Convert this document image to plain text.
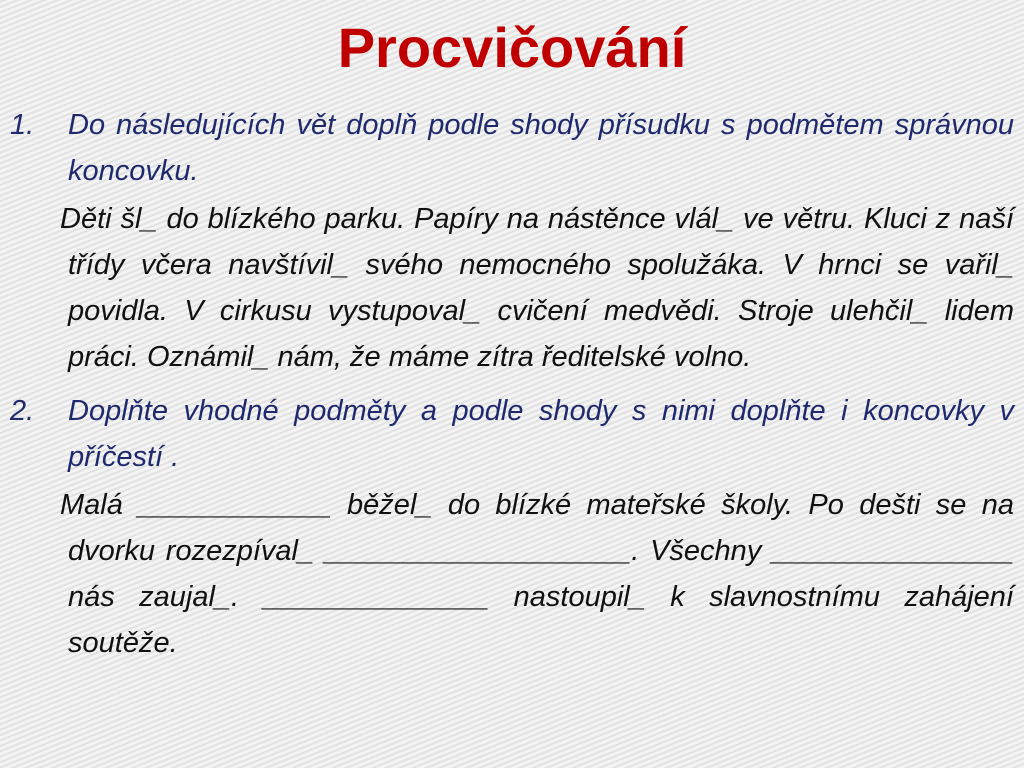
Procvičování
1. Do následujících vět doplň podle shody přísudku s podmětem správnou koncovku.
Děti šl_ do blízkého parku. Papíry na nástěnce vlál_ ve větru. Kluci z naší třídy včera navštívil_ svého nemocného spolužáka. V hrnci se vařil_ povidla. V cirkusu vystupoval_ cvičení medvědi. Stroje ulehčil_ lidem práci. Oznámil_ nám, že máme zítra ředitelské volno.
2. Doplňte vhodné podměty a podle shody s nimi doplňte i koncovky v příčestí .
Malá ____________ běžel_ do blízké mateřské školy. Po dešti se na dvorku rozezpíval_ ___________________. Všechny _______________ nás zaujal_. ______________ nastoupil_ k slavnostnímu zahájení soutěže.
